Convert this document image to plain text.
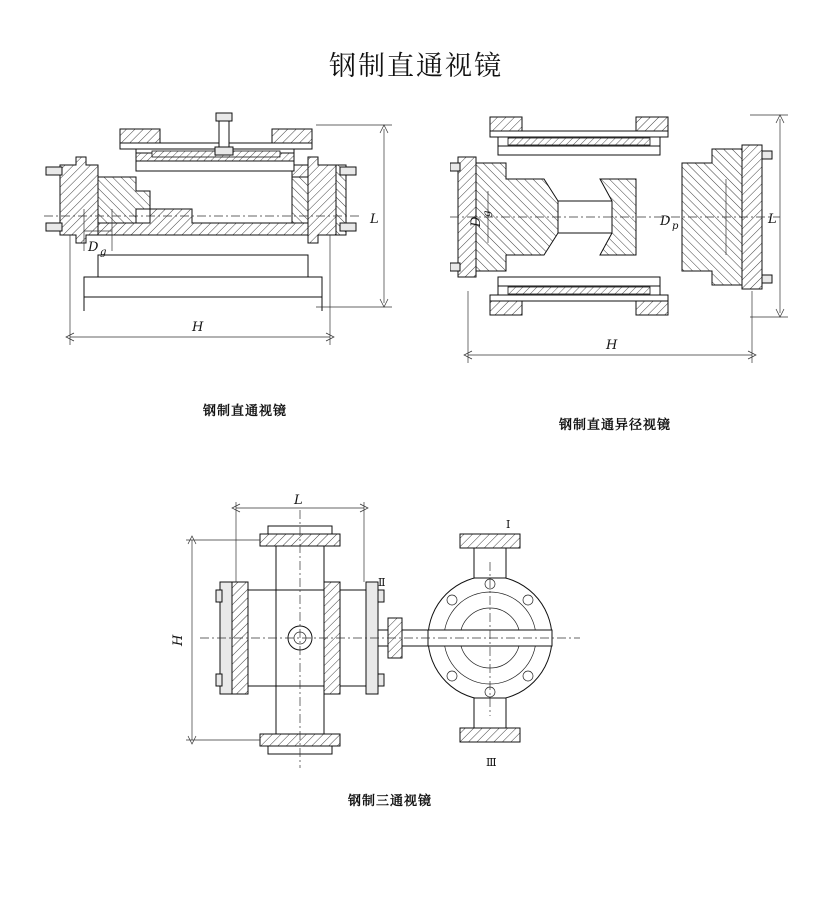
钢制直通视镜
D g
L
H
钢制直通视镜
D
g
D p	L
H
钢制直通异径视镜
L
H
Ⅰ
Ⅱ
Ⅲ
钢制三通视镜
